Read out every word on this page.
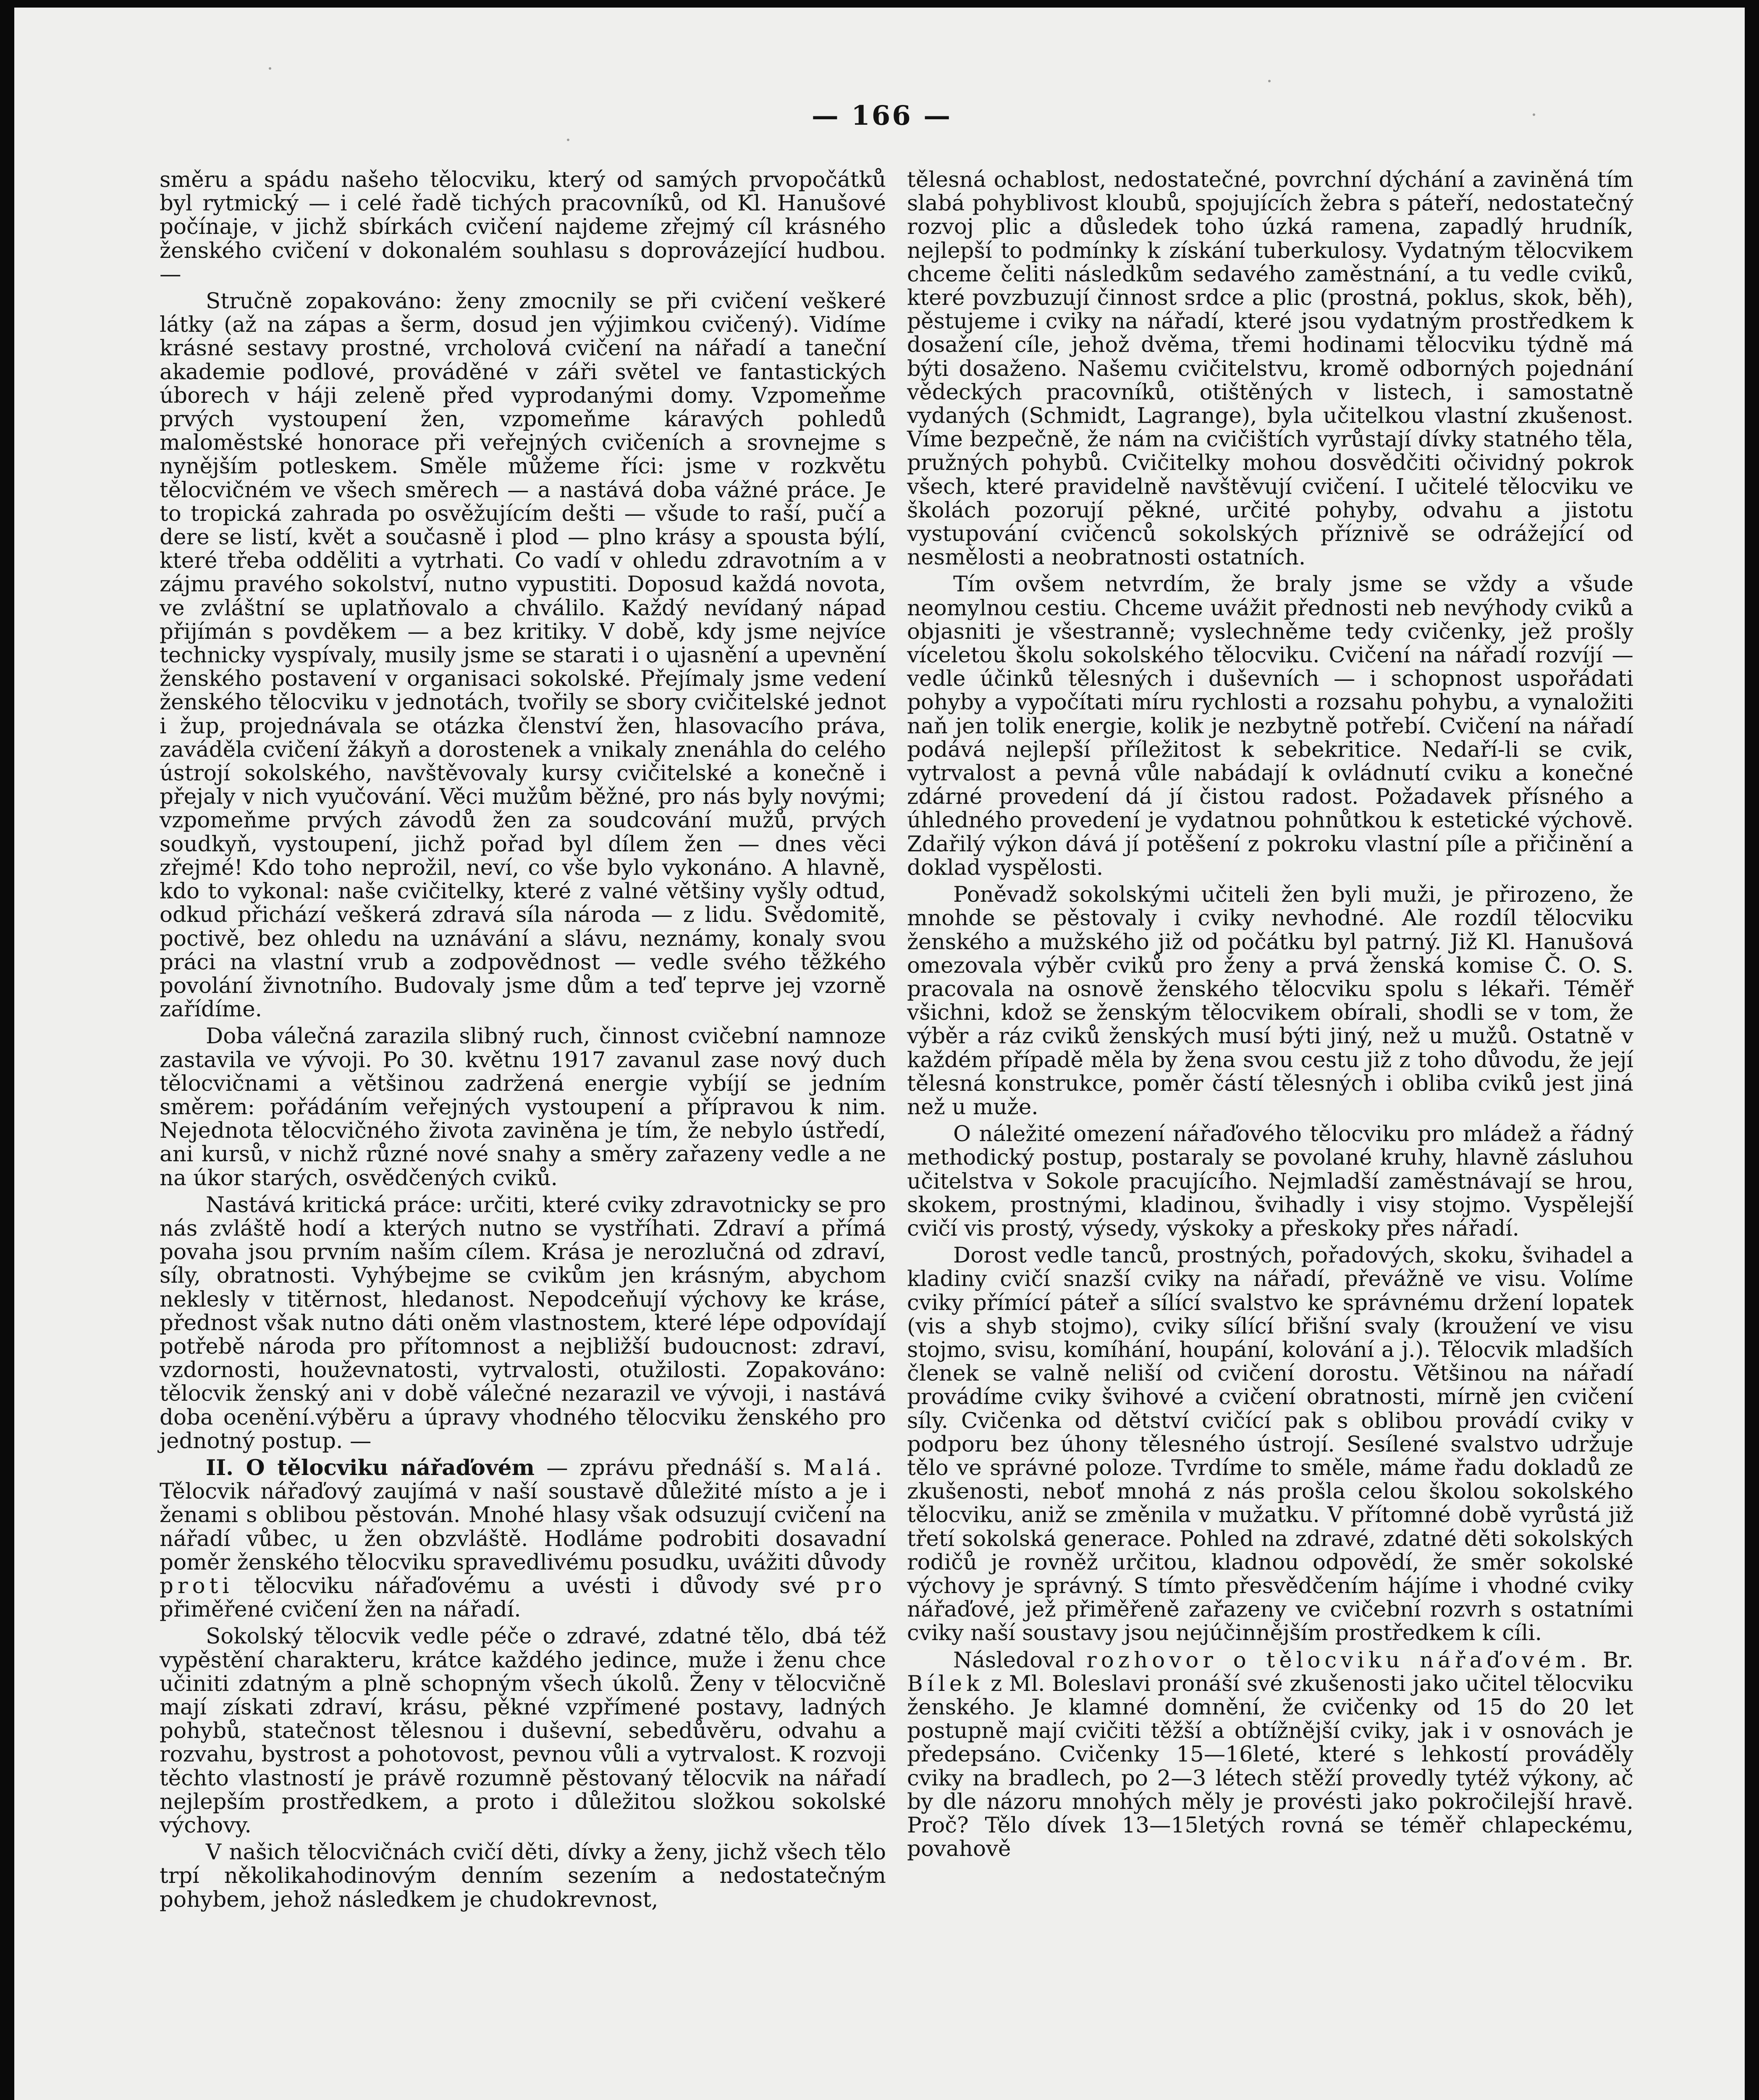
— 166 —

směru a spádu našeho tělocviku, který od samých prvopočátků byl rytmický — i celé řadě tichých pracovníků, od Kl. Hanušové počínaje, v jichž sbírkách cvičení najdeme zřejmý cíl krásného ženského cvičení v dokonalém souhlasu s doprovázející hudbou. —

Stručně zopakováno: ženy zmocnily se při cvičení veškeré látky (až na zápas a šerm, dosud jen výjimkou cvičený). Vidíme krásné sestavy prostné, vrcholová cvičení na nářadí a taneční akademie podlové, prováděné v záři světel ve fantastických úborech v háji zeleně před vyprodanými domy. Vzpomeňme prvých vystoupení žen, vzpomeňme káravých pohledů maloměstské honorace při veřejných cvičeních a srovnejme s nynějším potleskem. Směle můžeme říci: jsme v rozkvětu tělocvičném ve všech směrech — a nastává doba vážné práce. Je to tropická zahrada po osvěžujícím dešti — všude to raší, pučí a dere se listí, květ a současně i plod — plno krásy a spousta býlí, které třeba odděliti a vytrhati. Co vadí v ohledu zdravotním a v zájmu pravého sokolství, nutno vypustiti. Doposud každá novota, ve zvláštní se uplatňovalo a chválilo. Každý nevídaný nápad přijímán s povděkem — a bez kritiky. V době, kdy jsme nejvíce technicky vyspívaly, musily jsme se starati i o ujasnění a upevnění ženského postavení v organisaci sokolské. Přejímaly jsme vedení ženského tělocviku v jednotách, tvořily se sbory cvičitelské jednot i žup, projednávala se otázka členství žen, hlasovacího práva, zaváděla cvičení žákyň a dorostenek a vnikaly znenáhla do celého ústrojí sokolského, navštěvovaly kursy cvičitelské a konečně i přejaly v nich vyučování. Věci mužům běžné, pro nás byly novými; vzpomeňme prvých závodů žen za soudcování mužů, prvých soudkyň, vystoupení, jichž pořad byl dílem žen — dnes věci zřejmé! Kdo toho neprožil, neví, co vše bylo vykonáno. A hlavně, kdo to vykonal: naše cvičitelky, které z valné většiny vyšly odtud, odkud přichází veškerá zdravá síla národa — z lidu. Svědomitě, poctivě, bez ohledu na uznávání a slávu, neznámy, konaly svou práci na vlastní vrub a zodpovědnost — vedle svého těžkého povolání živnotního. Budovaly jsme dům a teď teprve jej vzorně zařídíme.

Doba válečná zarazila slibný ruch, činnost cvičební namnoze zastavila ve vývoji. Po 30. květnu 1917 zavanul zase nový duch tělocvičnami a většinou zadržená energie vybíjí se jedním směrem: pořádáním veřejných vystoupení a přípravou k nim. Nejednota tělocvičného života zaviněna je tím, že nebylo ústředí, ani kursů, v nichž různé nové snahy a směry zařazeny vedle a ne na úkor starých, osvědčených cviků.

Nastává kritická práce: určiti, které cviky zdravotnicky se pro nás zvláště hodí a kterých nutno se vystříhati. Zdraví a přímá povaha jsou prvním naším cílem. Krása je nerozlučná od zdraví, síly, obratnosti. Vyhýbejme se cvikům jen krásným, abychom neklesly v titěrnost, hledanost. Nepodceňují výchovy ke kráse, přednost však nutno dáti oněm vlastnostem, které lépe odpovídají potřebě národa pro přítomnost a nejbližší budoucnost: zdraví, vzdornosti, houževnatosti, vytrvalosti, otužilosti. Zopakováno: tělocvik ženský ani v době válečné nezarazil ve vývoji, i nastává doba ocenění.výběru a úpravy vhodného tělocviku ženského pro jednotný postup. —

II. O tělocviku nářaďovém — zprávu přednáší s. Malá. Tělocvik nářaďový zaujímá v naší soustavě důležité místo a je i ženami s oblibou pěstován. Mnohé hlasy však odsuzují cvičení na nářadí vůbec, u žen obzvláště. Hodláme podrobiti dosavadní poměr ženského tělocviku spravedlivému posudku, uvážiti důvody proti tělocviku nářaďovému a uvésti i důvody své pro přiměřené cvičení žen na nářadí.

Sokolský tělocvik vedle péče o zdravé, zdatné tělo, dbá též vypěstění charakteru, krátce každého jedince, muže i ženu chce učiniti zdatným a plně schopným všech úkolů. Ženy v tělocvičně mají získati zdraví, krásu, pěkné vzpřímené postavy, ladných pohybů, statečnost tělesnou i duševní, sebedůvěru, odvahu a rozvahu, bystrost a pohotovost, pevnou vůli a vytrvalost. K rozvoji těchto vlastností je právě rozumně pěstovaný tělocvik na nářadí nejlepším prostředkem, a proto i důležitou složkou sokolské výchovy.

V našich tělocvičnách cvičí děti, dívky a ženy, jichž všech tělo trpí několikahodinovým denním sezením a nedostatečným pohybem, jehož následkem je chudokrevnost,

tělesná ochablost, nedostatečné, povrchní dýchání a zaviněná tím slabá pohyblivost kloubů, spojujících žebra s páteří, nedostatečný rozvoj plic a důsledek toho úzká ramena, zapadlý hrudník, nejlepší to podmínky k získání tuberkulosy. Vydatným tělocvikem chceme čeliti následkům sedavého zaměstnání, a tu vedle cviků, které povzbuzují činnost srdce a plic (prostná, poklus, skok, běh), pěstujeme i cviky na nářadí, které jsou vydatným prostředkem k dosažení cíle, jehož dvěma, třemi hodinami tělocviku týdně má býti dosaženo. Našemu cvičitelstvu, kromě odborných pojednání vědeckých pracovníků, otištěných v listech, i samostatně vydaných (Schmidt, Lagrange), byla učitelkou vlastní zkušenost. Víme bezpečně, že nám na cvičištích vyrůstají dívky statného těla, pružných pohybů. Cvičitelky mohou dosvědčiti očividný pokrok všech, které pravidelně navštěvují cvičení. I učitelé tělocviku ve školách pozorují pěkné, určité pohyby, odvahu a jistotu vystupování cvičenců sokolských příznivě se odrážející od nesmělosti a neobratnosti ostatních.

Tím ovšem netvrdím, že braly jsme se vždy a všude neomylnou cestiu. Chceme uvážit přednosti neb nevýhody cviků a objasniti je všestranně; vyslechněme tedy cvičenky, jež prošly víceletou školu sokolského tělocviku. Cvičení na nářadí rozvíjí — vedle účinků tělesných i duševních — i schopnost uspořádati pohyby a vypočítati míru rychlosti a rozsahu pohybu, a vynaložiti naň jen tolik energie, kolik je nezbytně potřebí. Cvičení na nářadí podává nejlepší příležitost k sebekritice. Nedaří-li se cvik, vytrvalost a pevná vůle nabádají k ovládnutí cviku a konečné zdárné provedení dá jí čistou radost. Požadavek přísného a úhledného provedení je vydatnou pohnůtkou k estetické výchově. Zdařilý výkon dává jí potěšení z pokroku vlastní píle a přičinění a doklad vyspělosti.

Poněvadž sokolskými učiteli žen byli muži, je přirozeno, že mnohde se pěstovaly i cviky nevhodné. Ale rozdíl tělocviku ženského a mužského již od počátku byl patrný. Již Kl. Hanušová omezovala výběr cviků pro ženy a prvá ženská komise Č. O. S. pracovala na osnově ženského tělocviku spolu s lékaři. Téměř všichni, kdož se ženským tělocvikem obírali, shodli se v tom, že výběr a ráz cviků ženských musí býti jiný, než u mužů. Ostatně v každém případě měla by žena svou cestu již z toho důvodu, že její tělesná konstrukce, poměr částí tělesných i obliba cviků jest jiná než u muže.

O náležité omezení nářaďového tělocviku pro mládež a řádný methodický postup, postaraly se povolané kruhy, hlavně zásluhou učitelstva v Sokole pracujícího. Nejmladší zaměstnávají se hrou, skokem, prostnými, kladinou, švihadly i visy stojmo. Vyspělejší cvičí vis prostý, výsedy, výskoky a přeskoky přes nářadí.

Dorost vedle tanců, prostných, pořadových, skoku, švihadel a kladiny cvičí snazší cviky na nářadí, převážně ve visu. Volíme cviky přímící páteř a sílící svalstvo ke správnému držení lopatek (vis a shyb stojmo), cviky sílící břišní svaly (kroužení ve visu stojmo, svisu, komíhání, houpání, kolování a j.). Tělocvik mladších členek se valně neliší od cvičení dorostu. Většinou na nářadí provádíme cviky švihové a cvičení obratnosti, mírně jen cvičení síly. Cvičenka od dětství cvičící pak s oblibou provádí cviky v podporu bez úhony tělesného ústrojí. Sesílené svalstvo udržuje tělo ve správné poloze. Tvrdíme to směle, máme řadu dokladů ze zkušenosti, neboť mnohá z nás prošla celou školou sokolského tělocviku, aniž se změnila v mužatku. V přítomné době vyrůstá již třetí sokolská generace. Pohled na zdravé, zdatné děti sokolských rodičů je rovněž určitou, kladnou odpovědí, že směr sokolské výchovy je správný. S tímto přesvědčením hájíme i vhodné cviky nářaďové, jež přiměřeně zařazeny ve cvičební rozvrh s ostatními cviky naší soustavy jsou nejúčinnějším prostředkem k cíli.

Následoval rozhovor o tělocviku nářaďovém. Br. Bílek z Ml. Boleslavi pronáší své zkušenosti jako učitel tělocviku ženského. Je klamné domnění, že cvičenky od 15 do 20 let postupně mají cvičiti těžší a obtížnější cviky, jak i v osnovách je předepsáno. Cvičenky 15—16leté, které s lehkostí prováděly cviky na bradlech, po 2—3 létech stěží provedly tytéž výkony, ač by dle názoru mnohých měly je provésti jako pokročilejší hravě. Proč? Tělo dívek 13—15letých rovná se téměř chlapeckému, povahově
